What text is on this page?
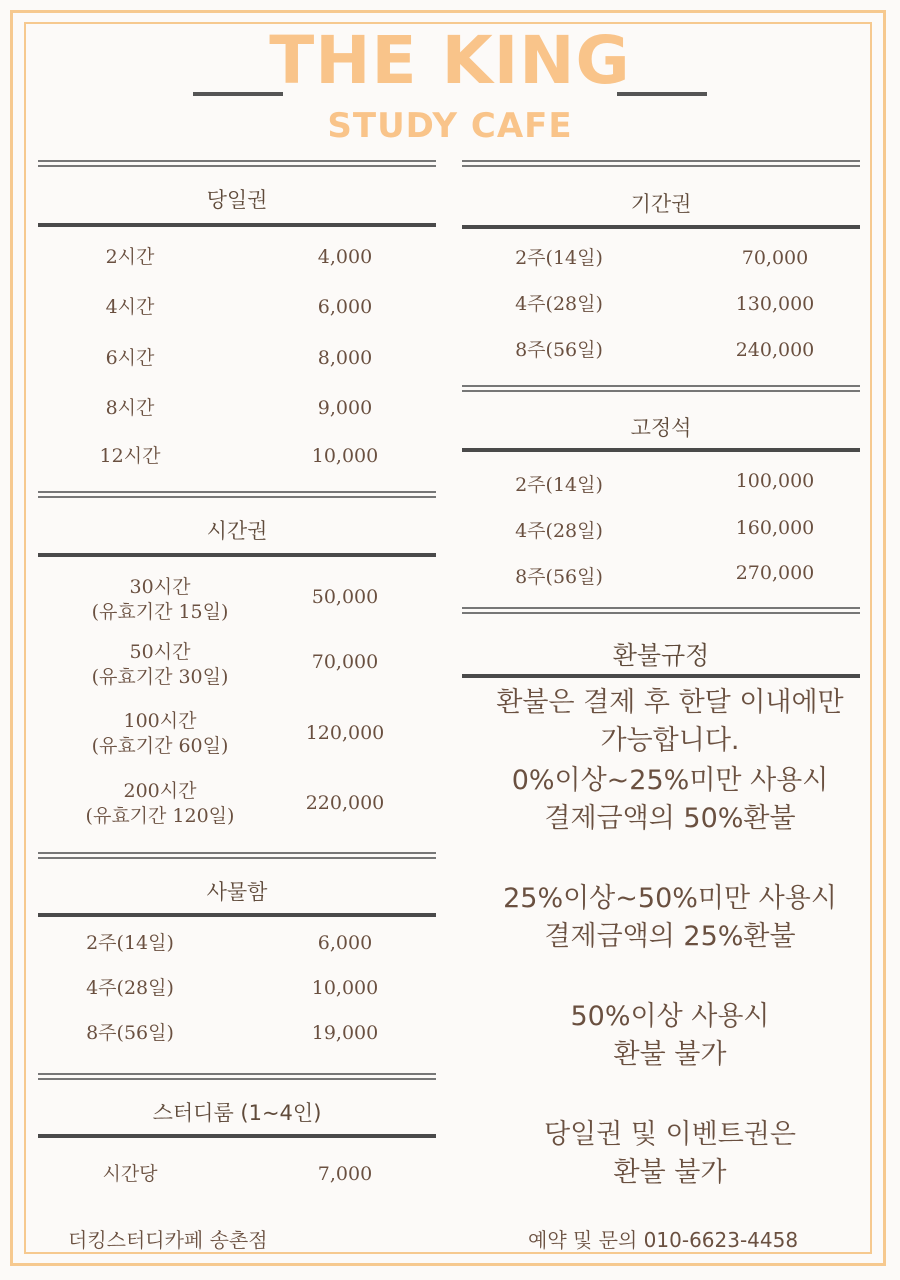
THE KING
STUDY CAFE
당일권
2시간	4,000
4시간	6,000
6시간	8,000
8시간	9,000
12시간	10,000
시간권
30시간
(유효기간 15일)
50,000
50시간
(유효기간 30일)
70,000
100시간
(유효기간 60일)
120,000
200시간
(유효기간 120일)
220,000
사물함
2주(14일)	6,000
4주(28일)	10,000
8주(56일)	19,000
스터디룸 (1~4인)
시간당	7,000
기간권
2주(14일)	70,000
4주(28일)	130,000
8주(56일)	240,000
고정석
2주(14일)	100,000
4주(28일)	160,000
8주(56일)	270,000
환불규정
환불은 결제 후 한달 이내에만
가능합니다.
0%이상~25%미만 사용시
결제금액의 50%환불
25%이상~50%미만 사용시
결제금액의 25%환불
50%이상 사용시
환불 불가
당일권 및 이벤트권은
환불 불가
더킹스터디카페 송촌점	예약 및 문의 010-6623-4458
